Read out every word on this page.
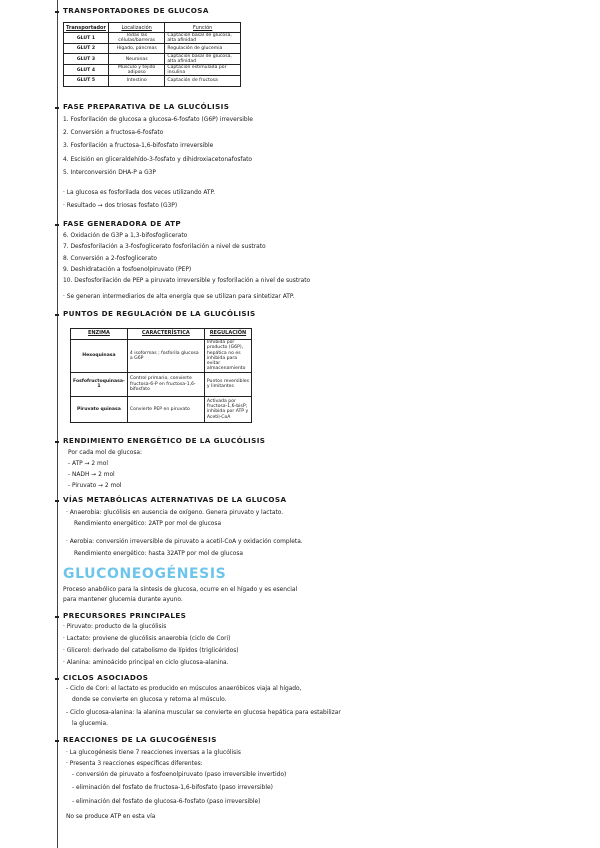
TRANSPORTADORES DE GLUCOSA
Transportador	Localización	Función
GLUT 1	Todas las células/barreras	Captación basal de glucosa, alta afinidad
GLUT 2	Hígado, páncreas	Regulación de glucemia
GLUT 3	Neuronas	Captación basal de glucosa, alta afinidad
GLUT 4	Músculo y tejido adiposo	Captación estimulada por insulina
GLUT 5	Intestino	Captación de fructosa
FASE PREPARATIVA DE LA GLUCÓLISIS
1. Fosforilación de glucosa a glucosa-6-fosfato (G6P) irreversible
2. Conversión a fructosa-6-fosfato
3. Fosforilación a fructosa-1,6-bifosfato irreversible
4. Escisión en gliceraldehído-3-fosfato y dihidroxiacetonafosfato
5. Interconversión DHA-P a G3P
· La glucosa es fosforilada dos veces utilizando ATP.
· Resultado → dos triosas fosfato (G3P)
FASE GENERADORA DE ATP
6. Oxidación de G3P a 1,3-bifosfoglicerato
7. Desfosforilación a 3-fosfoglicerato fosforilación a nivel de sustrato
8. Conversión a 2-fosfoglicerato
9. Deshidratación a fosfoenolpiruvato (PEP)
10. Desfosforilación de PEP a piruvato irreversible y fosforilación a nivel de sustrato
· Se generan intermediarios de alta energía que se utilizan para sintetizar ATP.
PUNTOS DE REGULACIÓN DE LA GLUCÓLISIS
ENZIMA	CARACTERÍSTICA	REGULACIÓN
Hexoquinasa	4 isoformas ; fosforila glucosa a G6P	Inhibida por producto (G6P), hepática no es inhibida para evitar almacenamiento
Fosfofructoquinasa-1	Control primario, convierte fructosa-6-P en fructosa-1,6-bifosfato	Puntos reversibles y limitantes
Piruvato quinasa	Convierte PEP en piruvato	Activada por fructosa-1,6-bisP; inhibida por ATP y Acetil-CoA
RENDIMIENTO ENERGÉTICO DE LA GLUCÓLISIS
Por cada mol de glucosa:
- ATP → 2 mol
- NADH → 2 mol
- Piruvato → 2 mol
VÍAS METABÓLICAS ALTERNATIVAS DE LA GLUCOSA
· Anaerobia: glucólisis en ausencia de oxígeno. Genera piruvato y lactato.
Rendimiento energético: 2ATP por mol de glucosa
· Aerobia: conversión irreversible de piruvato a acetil-CoA y oxidación completa.
Rendimiento energético: hasta 32ATP por mol de glucosa
GLUCONEOGÉNESIS
Proceso anabólico para la síntesis de glucosa, ocurre en el hígado y es esencial
para mantener glucemia durante ayuno.
PRECURSORES PRINCIPALES
· Piruvato: producto de la glucólisis
· Lactato: proviene de glucólisis anaerobia (ciclo de Cori)
· Glicerol: derivado del catabolismo de lípidos (triglicéridos)
· Alanina: aminoácido principal en ciclo glucosa-alanina.
CICLOS ASOCIADOS
- Ciclo de Cori: el lactato es producido en músculos anaeróbicos viaja al hígado,
donde se convierte en glucosa y retorna al músculo.
- Ciclo glucosa-alanina: la alanina muscular se convierte en glucosa hepática para estabilizar
la glucemia.
REACCIONES DE LA GLUCOGÉNESIS
· La glucogénesis tiene 7 reacciones inversas a la glucólisis
· Presenta 3 reacciones específicas diferentes:
- conversión de piruvato a fosfoenolpiruvato (paso irreversible invertido)
- eliminación del fosfato de fructosa-1,6-bifosfato (paso irreversible)
- eliminación del fosfato de glucosa-6-fosfato (paso irreversible)
No se produce ATP en esta vía
